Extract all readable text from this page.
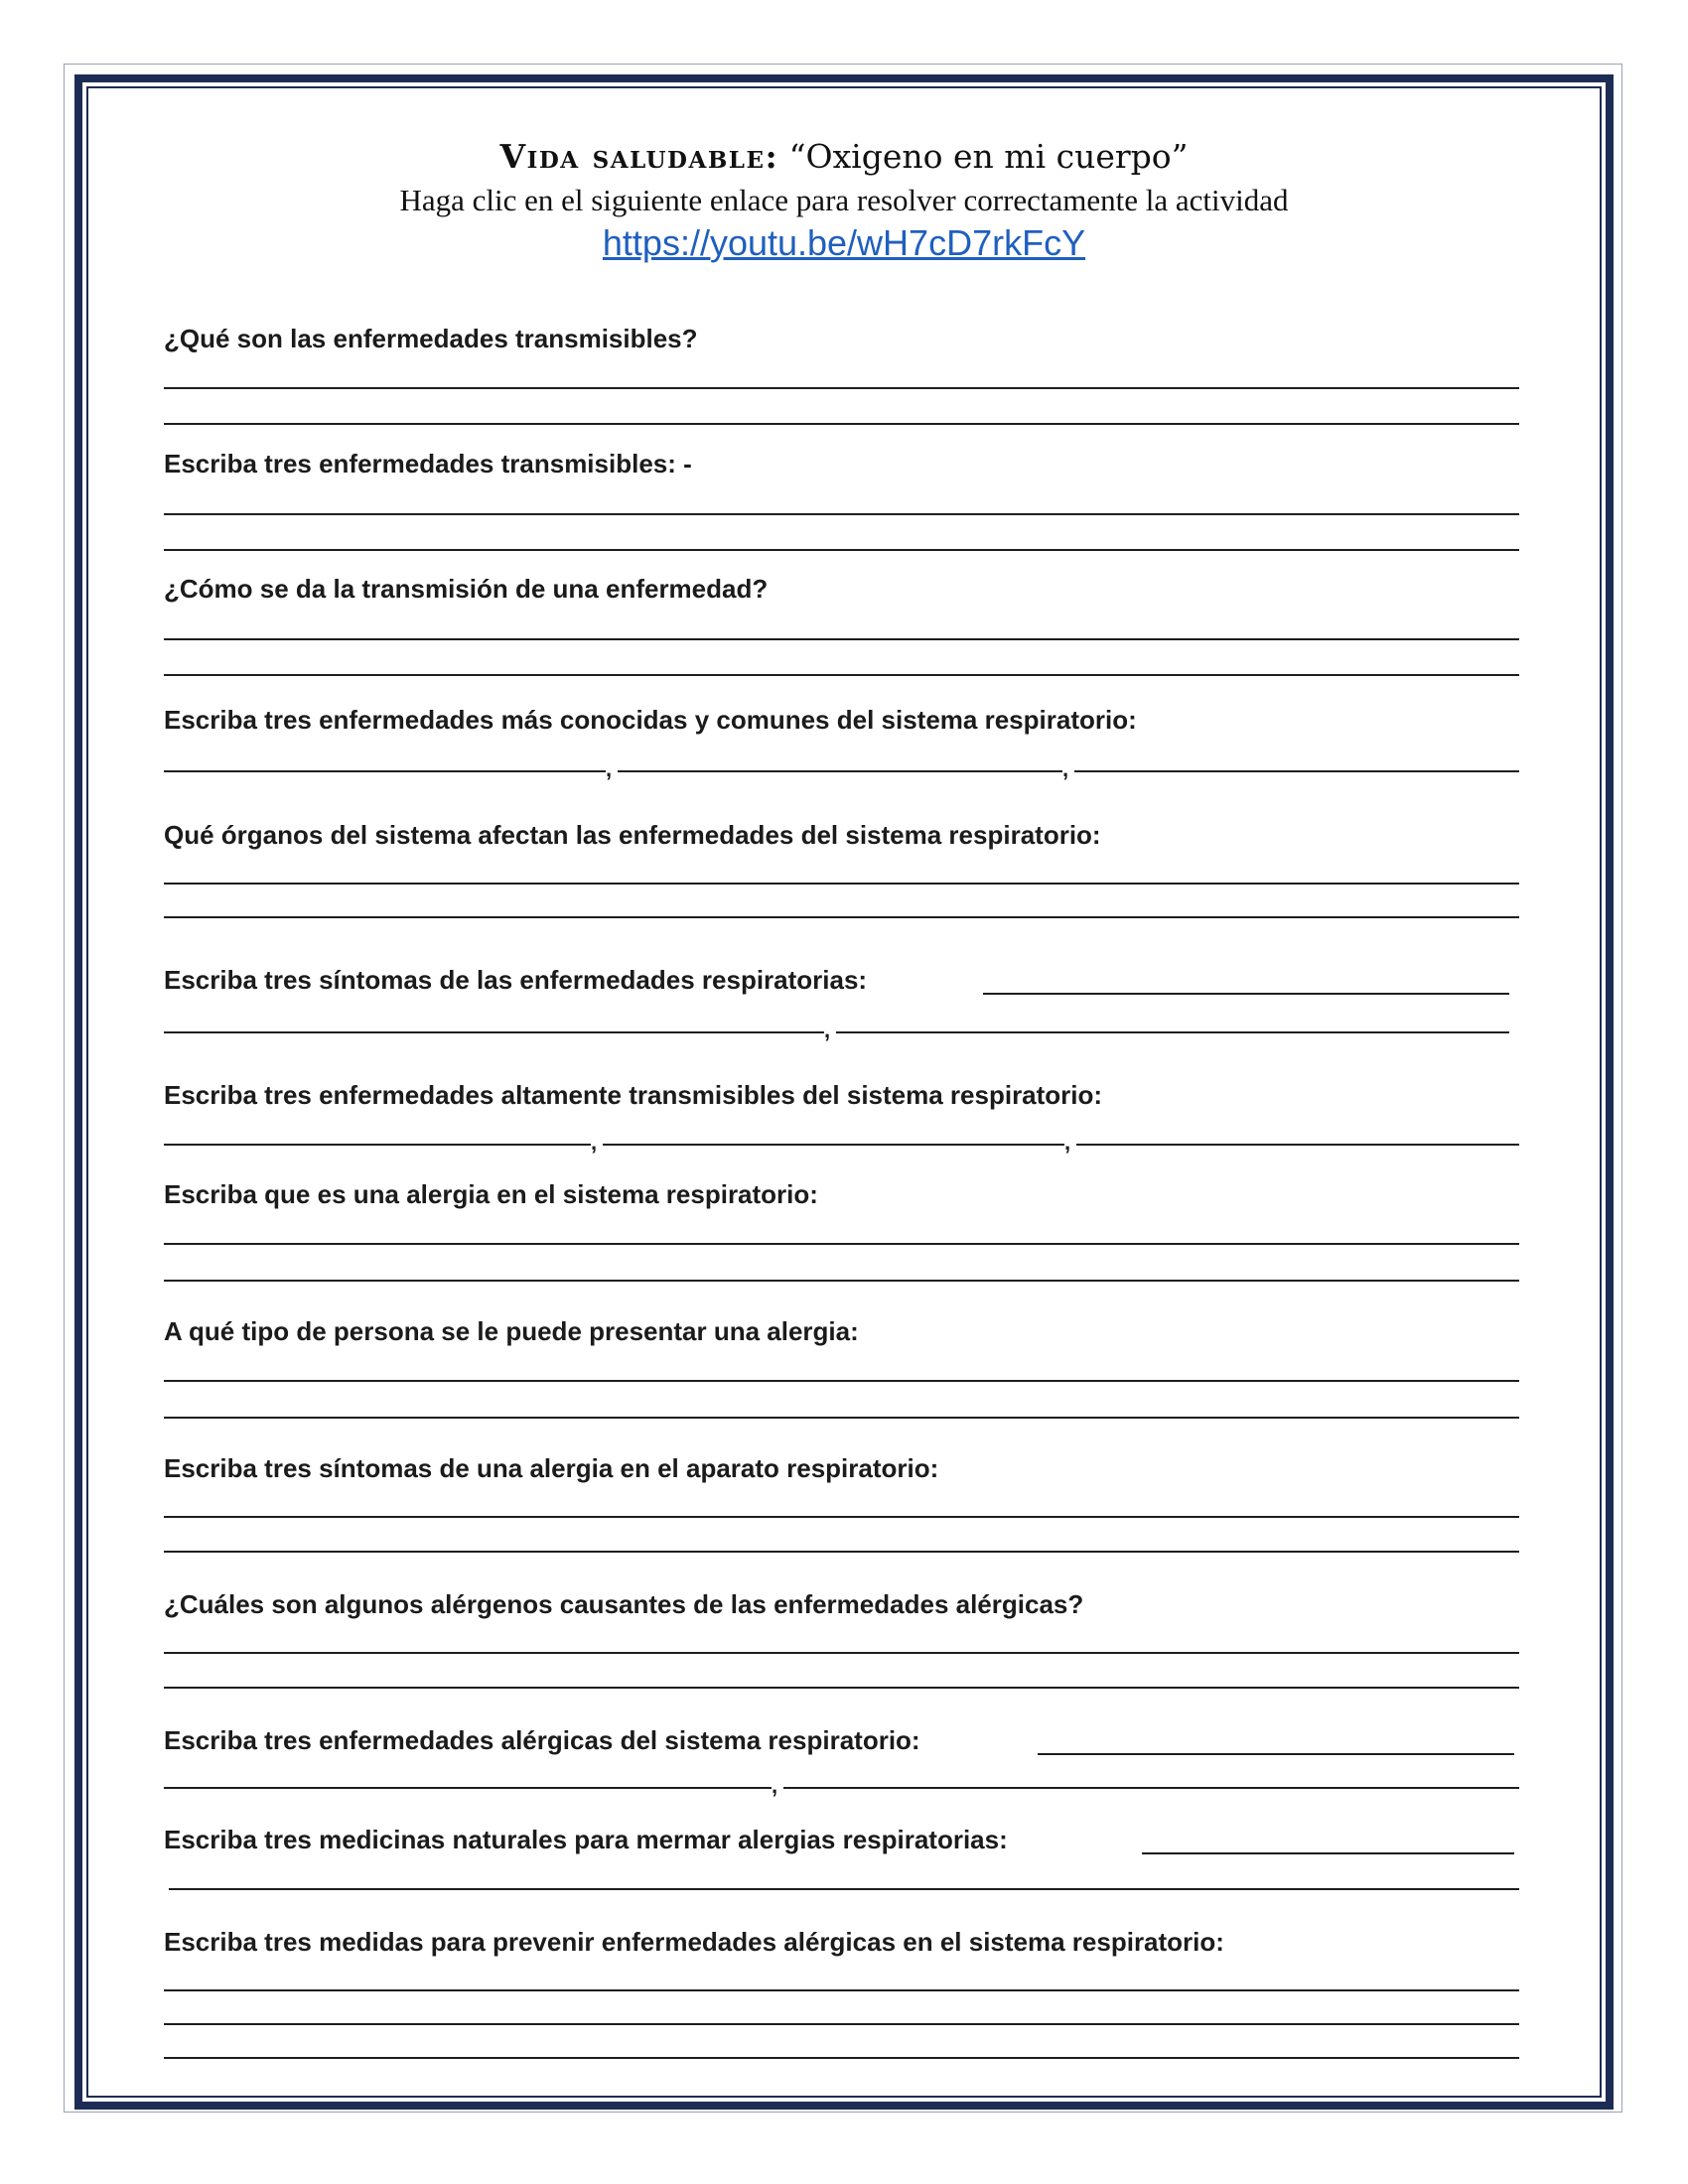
Vida saludable: “Oxigeno en mi cuerpo”

Haga clic en el siguiente enlace para resolver correctamente la actividad

https://youtu.be/wH7cD7rkFcY
¿Qué son las enfermedades transmisibles?
Escriba tres enfermedades transmisibles: -
¿Cómo se da la transmisión de una enfermedad?
Escriba tres enfermedades más conocidas y comunes del sistema respiratorio:
,	,
Qué órganos del sistema afectan las enfermedades del sistema respiratorio:
Escriba tres síntomas de las enfermedades respiratorias:
,
Escriba tres enfermedades altamente transmisibles del sistema respiratorio:
,	,
Escriba que es una alergia en el sistema respiratorio:
A qué tipo de persona se le puede presentar una alergia:
Escriba tres síntomas de una alergia en el aparato respiratorio:
¿Cuáles son algunos alérgenos causantes de las enfermedades alérgicas?
Escriba tres enfermedades alérgicas del sistema respiratorio:
,
Escriba tres medicinas naturales para mermar alergias respiratorias:
Escriba tres medidas para prevenir enfermedades alérgicas en el sistema respiratorio:
